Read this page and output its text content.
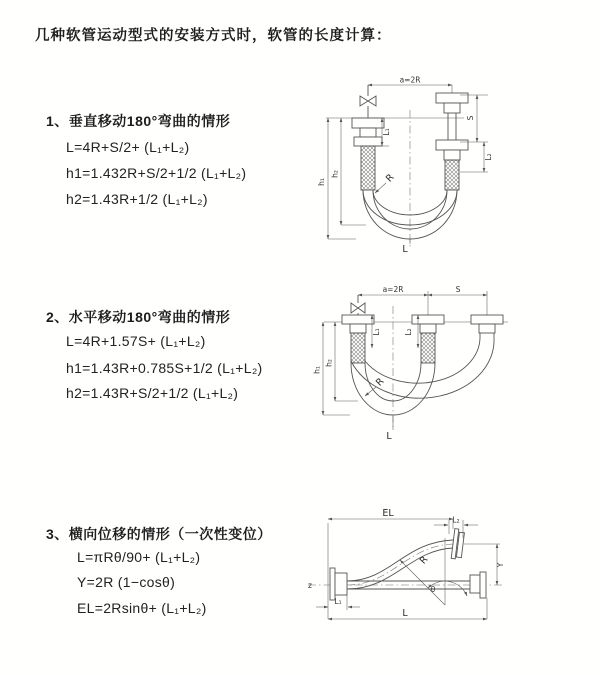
几种软管运动型式的安装方式时，软管的长度计算：
1、垂直移动180°弯曲的情形
L=4R+S/2+ (L₁+L₂)
h1=1.432R+S/2+1/2 (L₁+L₂)
h2=1.43R+1/2 (L₁+L₂)
2、水平移动180°弯曲的情形
L=4R+1.57S+ (L₁+L₂)
h1=1.43R+0.785S+1/2 (L₁+L₂)
h2=1.43R+S/2+1/2 (L₁+L₂)
3、横向位移的情形（一次性变位）
L=πRθ/90+ (L₁+L₂)
Y=2R (1−cosθ)
EL=2Rsinθ+ (L₁+L₂)
a=2R
h₁
h₂
L₁
S
L₂
R
L
a=2R	S
h₁
h₂
L₁	L₂
R
L
EL
L₂
Y
R
θ
L
L₁
z
